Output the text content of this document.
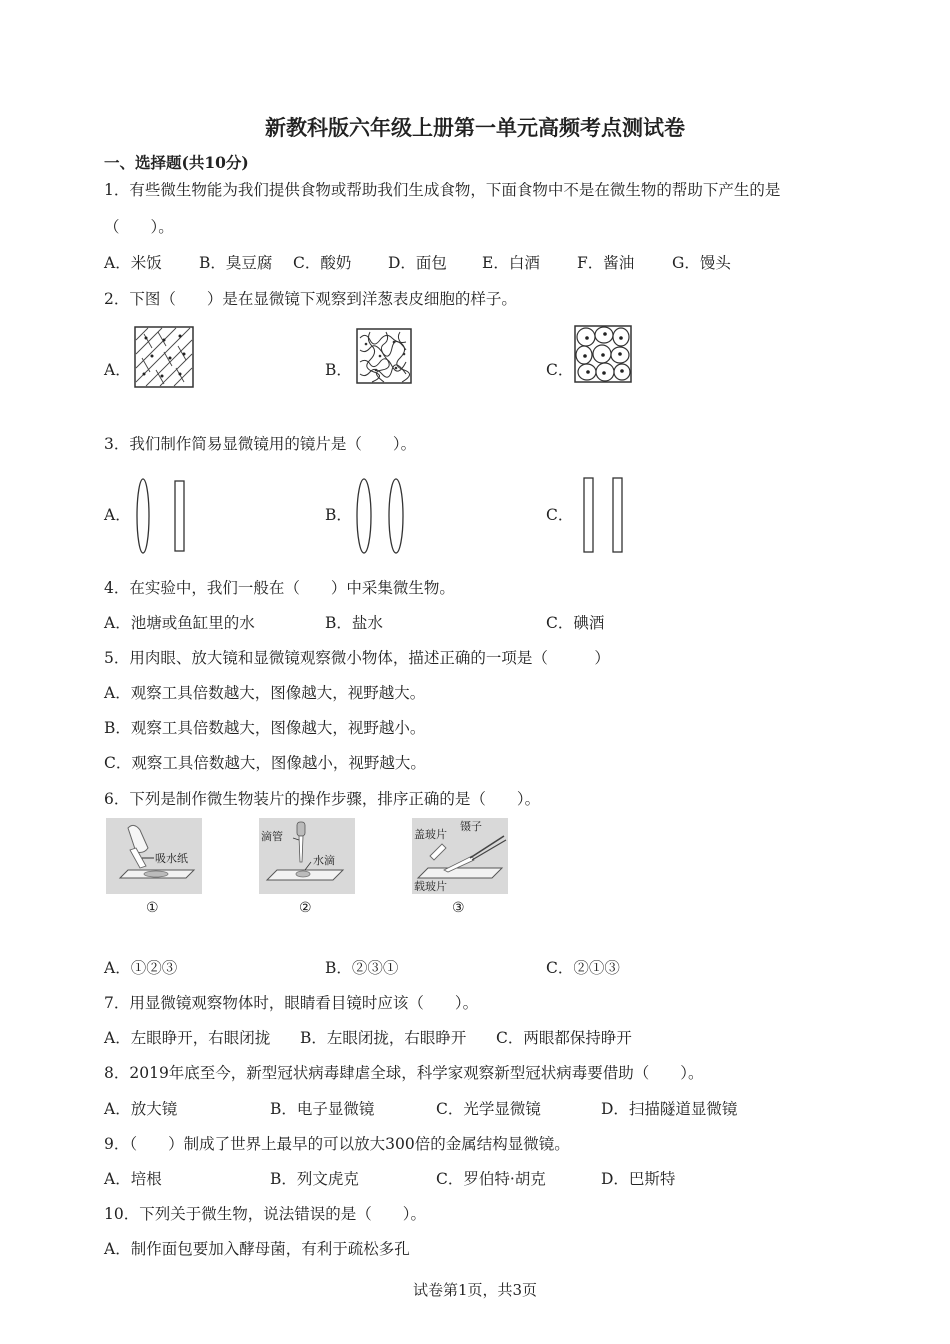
新教科版六年级上册第一单元高频考点测试卷
一、选择题(共10分)
1．有些微生物能为我们提供食物或帮助我们生成食物，下面食物中不是在微生物的帮助下产生的是
（　　）。
A．米饭 B．臭豆腐 C．酸奶 D．面包 E．白酒 F．酱油 G．馒头
2．下图（　　）是在显微镜下观察到洋葱表皮细胞的样子。
A．	B．	C．
3．我们制作简易显微镜用的镜片是（　　）。
A．	B．	C．
4．在实验中，我们一般在（　　）中采集微生物。
A．池塘或鱼缸里的水	B．盐水	C．碘酒
5．用肉眼、放大镜和显微镜观察微小物体，描述正确的一项是（　　　）
A．观察工具倍数越大，图像越大，视野越大。
B．观察工具倍数越大，图像越大，视野越小。
C．观察工具倍数越大，图像越小，视野越大。
6．下列是制作微生物装片的操作步骤，排序正确的是（　　）。
吸水纸
滴管
水滴
盖玻片
镊子
载玻片
①	②	③
A．①②③	B．②③①	C．②①③
7．用显微镜观察物体时，眼睛看目镜时应该（　　）。
A．左眼睁开，右眼闭拢 B．左眼闭拢，右眼睁开 C．两眼都保持睁开
8．2019年底至今，新型冠状病毒肆虐全球，科学家观察新型冠状病毒要借助（　　）。
A．放大镜	B．电子显微镜	C．光学显微镜	D．扫描隧道显微镜
9．（　　）制成了世界上最早的可以放大300倍的金属结构显微镜。
A．培根	B．列文虎克	C．罗伯特·胡克	D．巴斯特
10．下列关于微生物，说法错误的是（　　）。
A．制作面包要加入酵母菌，有利于疏松多孔
试卷第1页，共3页
